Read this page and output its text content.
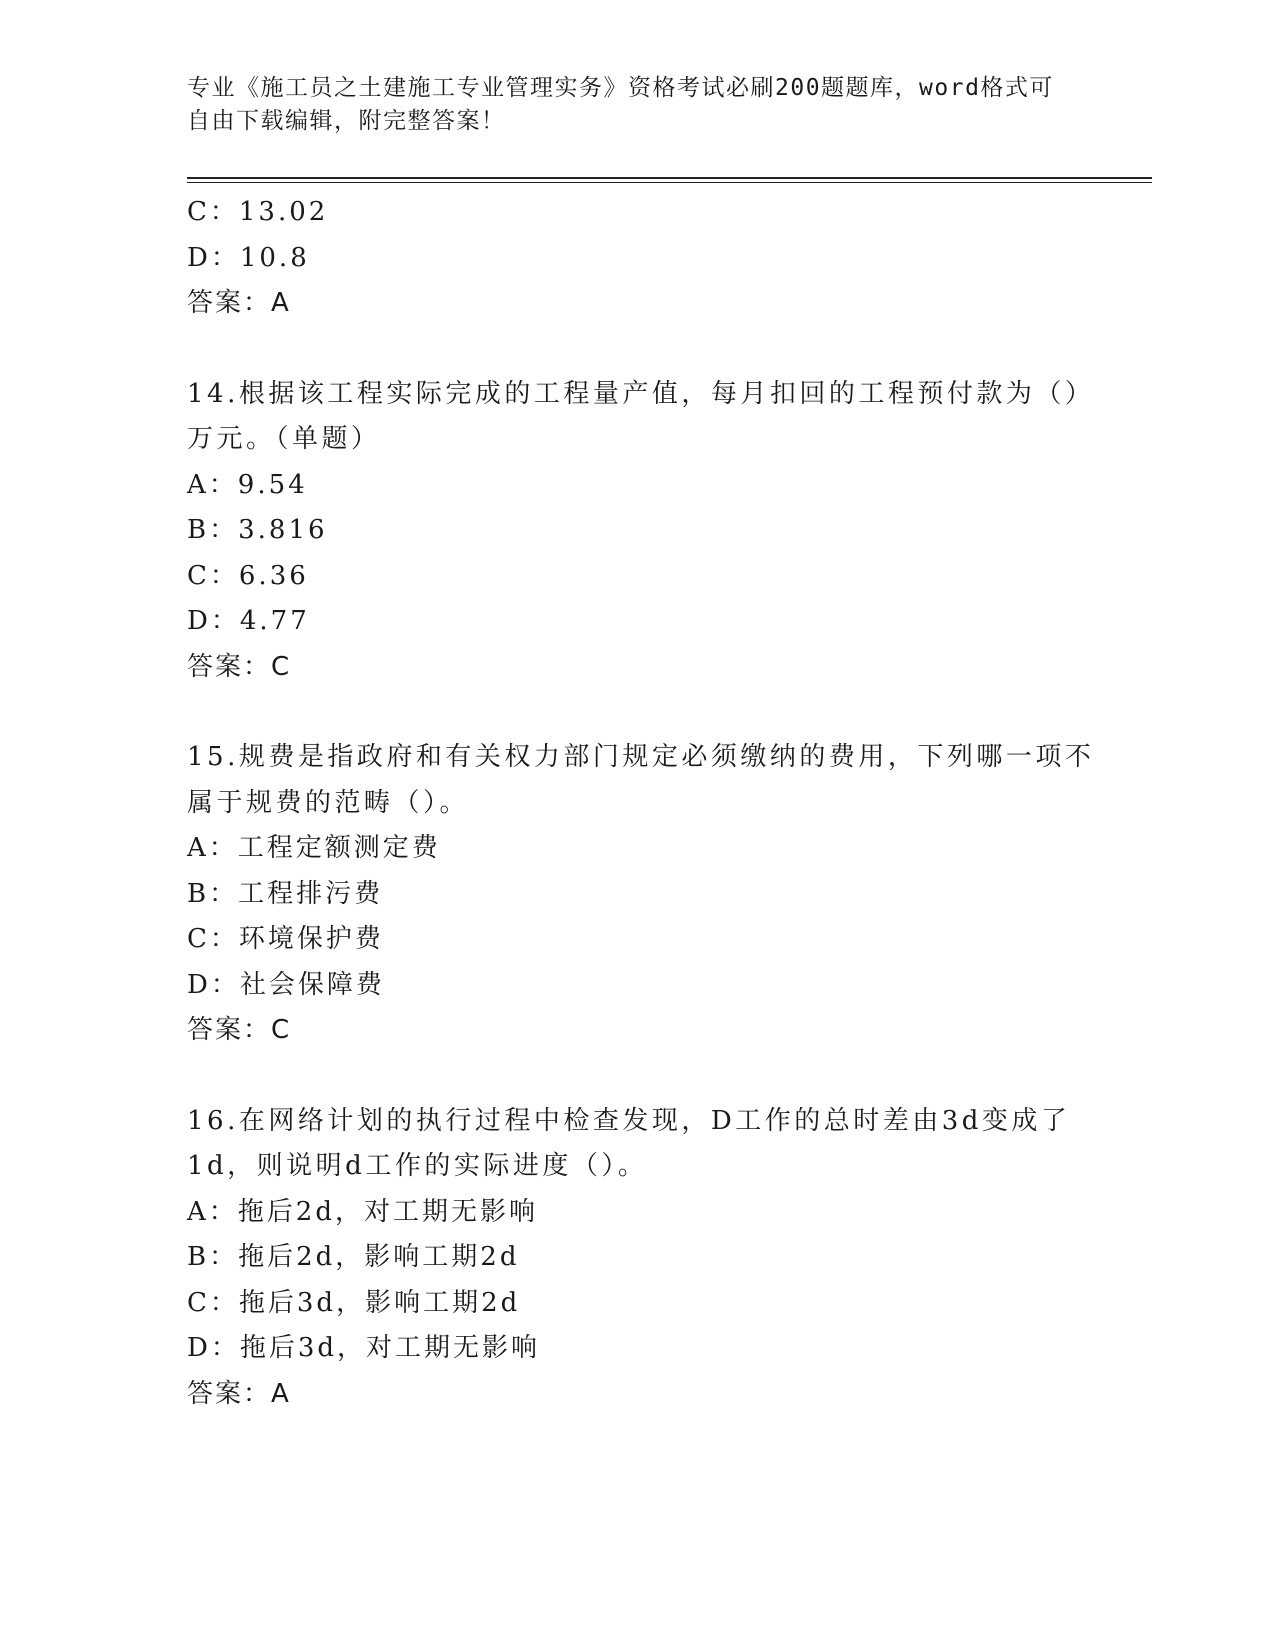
专业《施工员之土建施工专业管理实务》资格考试必刷200题题库，word格式可
自由下载编辑，附完整答案！
C：13.02
D：10.8
答案：A
14.根据该工程实际完成的工程量产值，每月扣回的工程预付款为（）
万元。（单题）
A：9.54
B：3.816
C：6.36
D：4.77
答案：C
15.规费是指政府和有关权力部门规定必须缴纳的费用，下列哪一项不
属于规费的范畴（）。
A：工程定额测定费
B：工程排污费
C：环境保护费
D：社会保障费
答案：C
16.在网络计划的执行过程中检查发现，D工作的总时差由3d变成了
1d，则说明d工作的实际进度（）。
A：拖后2d，对工期无影响
B：拖后2d，影响工期2d
C：拖后3d，影响工期2d
D：拖后3d，对工期无影响
答案：A
